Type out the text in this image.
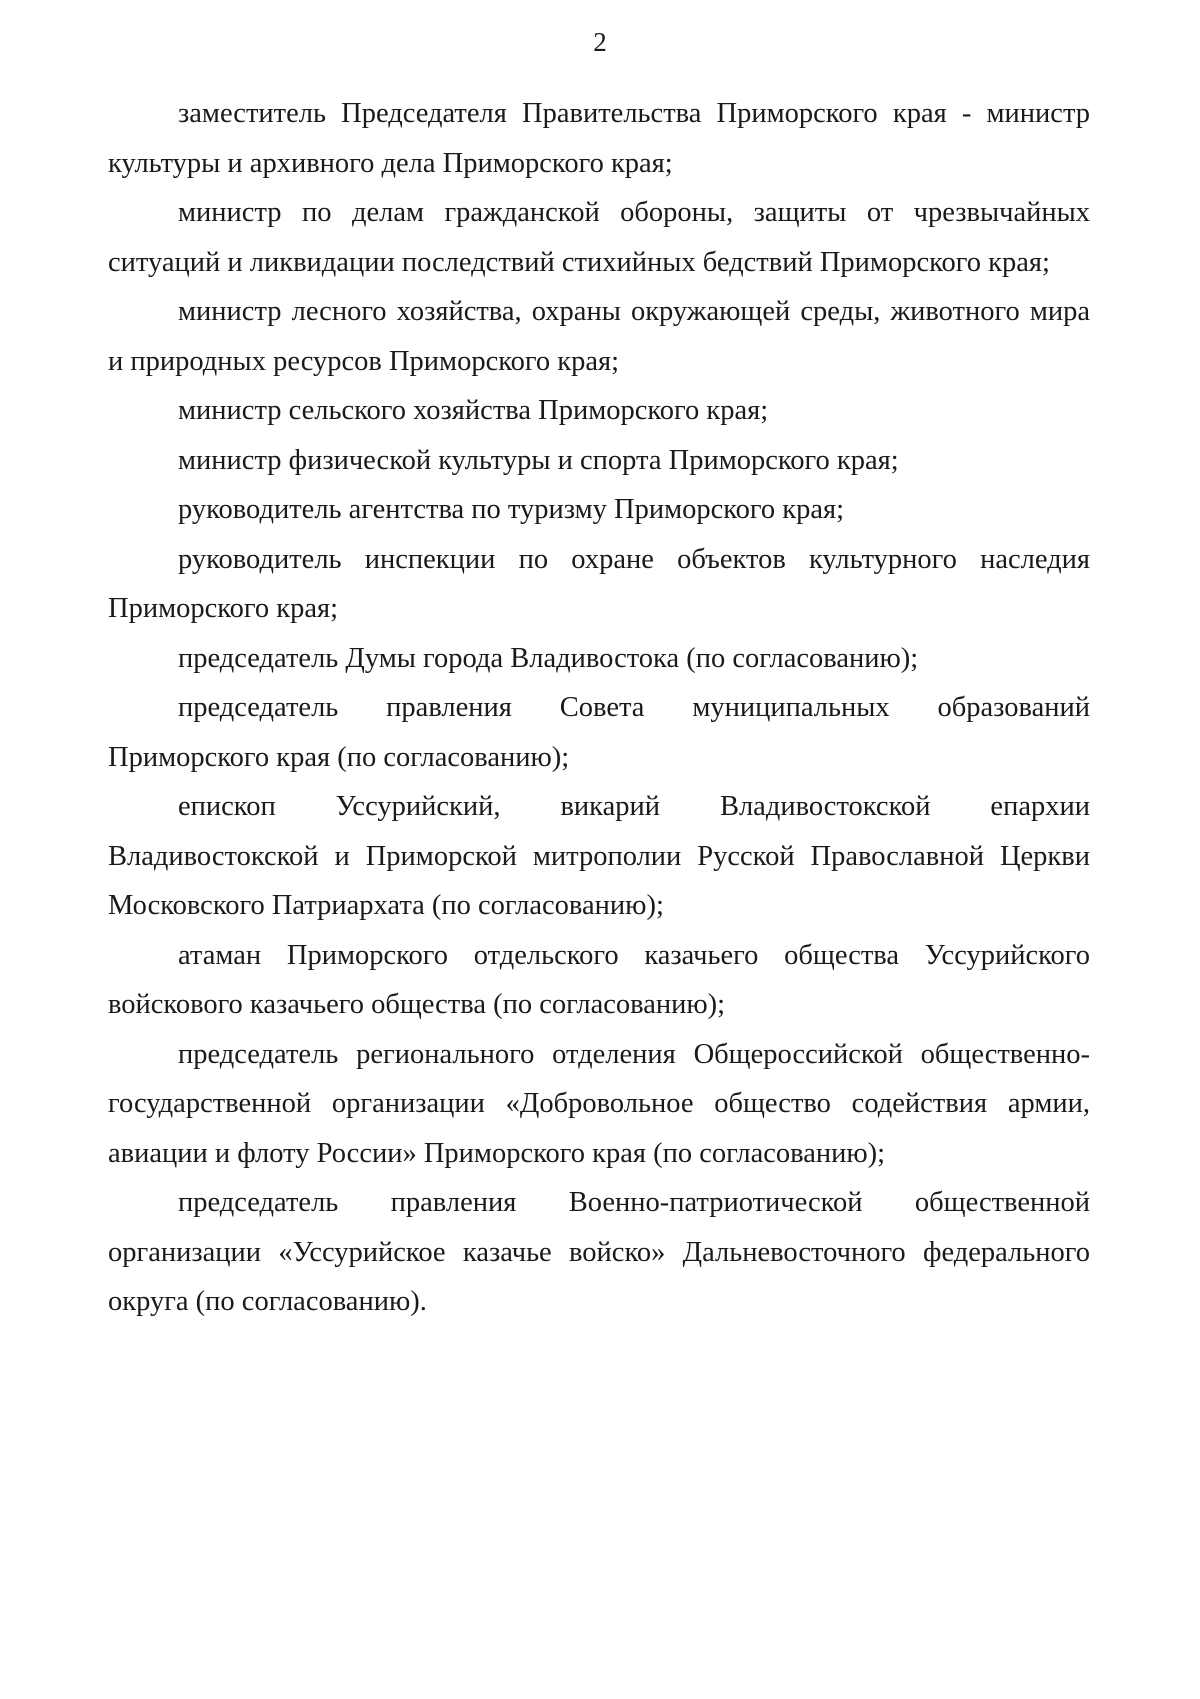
2

заместитель Председателя Правительства Приморского края - министр культуры и архивного дела Приморского края;

министр по делам гражданской обороны, защиты от чрезвычайных ситуаций и ликвидации последствий стихийных бедствий Приморского края;

министр лесного хозяйства, охраны окружающей среды, животного мира и природных ресурсов Приморского края;

министр сельского хозяйства Приморского края;

министр физической культуры и спорта Приморского края;

руководитель агентства по туризму Приморского края;

руководитель инспекции по охране объектов культурного наследия Приморского края;

председатель Думы города Владивостока (по согласованию);

председатель правления Совета муниципальных образований Приморского края (по согласованию);

епископ Уссурийский, викарий Владивостокской епархии Владивостокской и Приморской митрополии Русской Православной Церкви Московского Патриархата (по согласованию);

атаман Приморского отдельского казачьего общества Уссурийского войскового казачьего общества (по согласованию);

председатель регионального отделения Общероссийской общественно-государственной организации «Добровольное общество содействия армии, авиации и флоту России» Приморского края (по согласованию);

председатель правления Военно-патриотической общественной организации «Уссурийское казачье войско» Дальневосточного федерального округа (по согласованию).
